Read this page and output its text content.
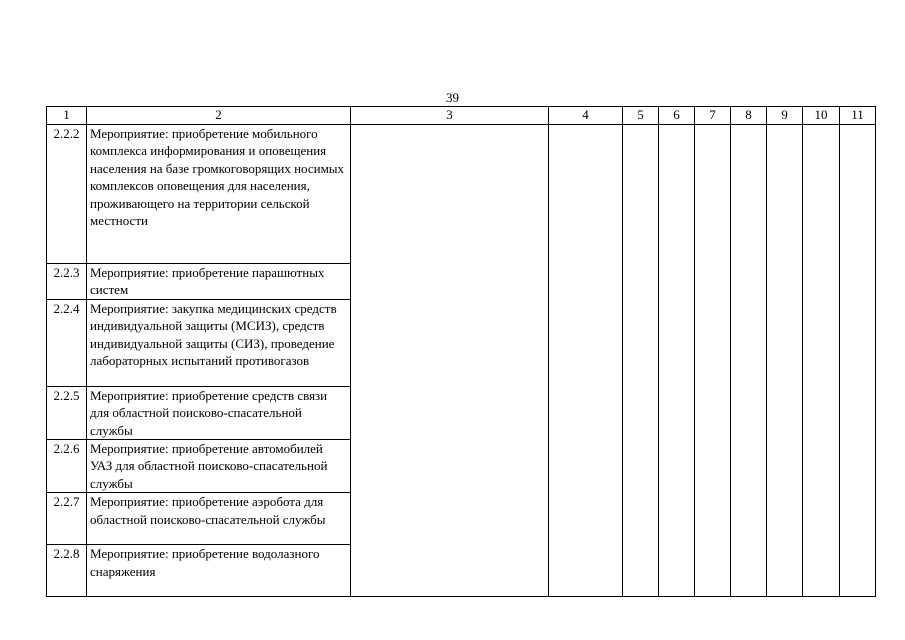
39
1	2	3	4	5	6	7	8	9	10	11
2.2.2	Мероприятие: приобретение мобильного комплекса информирования и оповещения населения на базе громкоговорящих носимых комплексов оповещения для населения, проживающего на территории сельской местности									
2.2.3	Мероприятие: приобретение парашютных систем									
2.2.4	Мероприятие: закупка медицинских средств индивидуальной защиты (МСИЗ), средств индивидуальной защиты (СИЗ), проведение лабораторных испытаний противогазов									
2.2.5	Мероприятие: приобретение средств связи для областной поисково-спасательной службы									
2.2.6	Мероприятие: приобретение автомобилей УАЗ для областной поисково-спасательной службы									
2.2.7	Мероприятие: приобретение аэробота для областной поисково-спасательной службы									
2.2.8	Мероприятие: приобретение водолазного снаряжения									
